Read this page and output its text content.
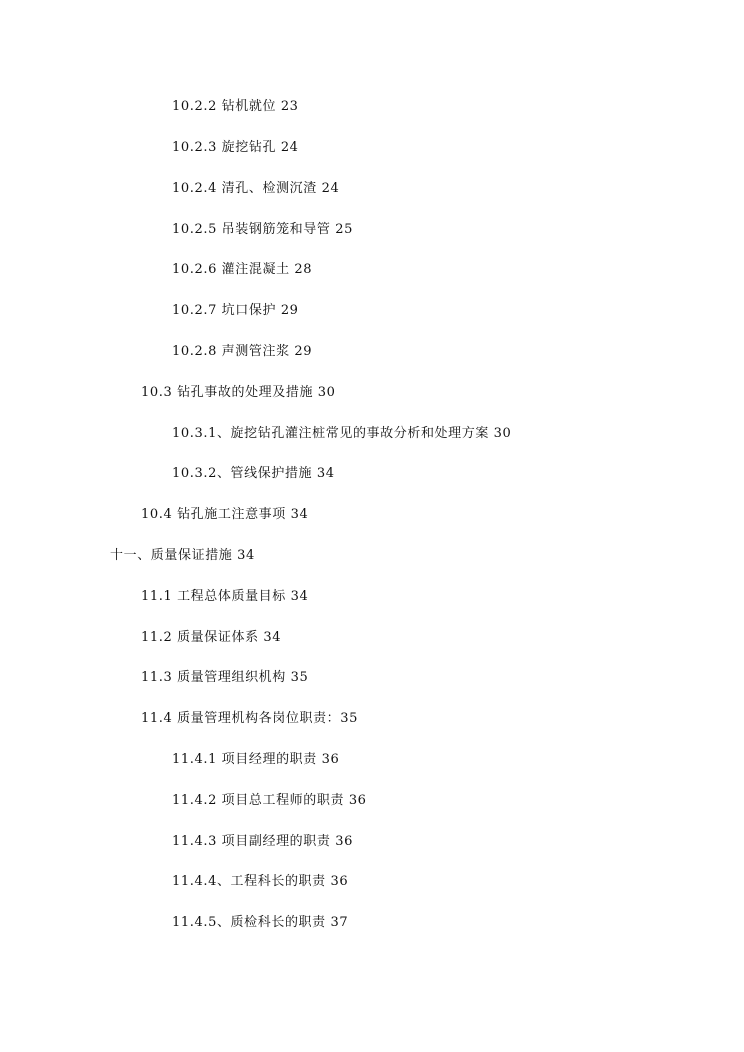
10.2.2 钻机就位 23
10.2.3 旋挖钻孔 24
10.2.4 清孔、检测沉渣 24
10.2.5 吊装钢筋笼和导管 25
10.2.6 灌注混凝土 28
10.2.7 坑口保护 29
10.2.8 声测管注浆 29
10.3 钻孔事故的处理及措施 30
10.3.1、旋挖钻孔灌注桩常见的事故分析和处理方案 30
10.3.2、管线保护措施 34
10.4 钻孔施工注意事项 34
十一、质量保证措施 34
11.1 工程总体质量目标 34
11.2 质量保证体系 34
11.3 质量管理组织机构 35
11.4 质量管理机构各岗位职责：35
11.4.1 项目经理的职责 36
11.4.2 项目总工程师的职责 36
11.4.3 项目副经理的职责 36
11.4.4、工程科长的职责 36
11.4.5、质检科长的职责 37
